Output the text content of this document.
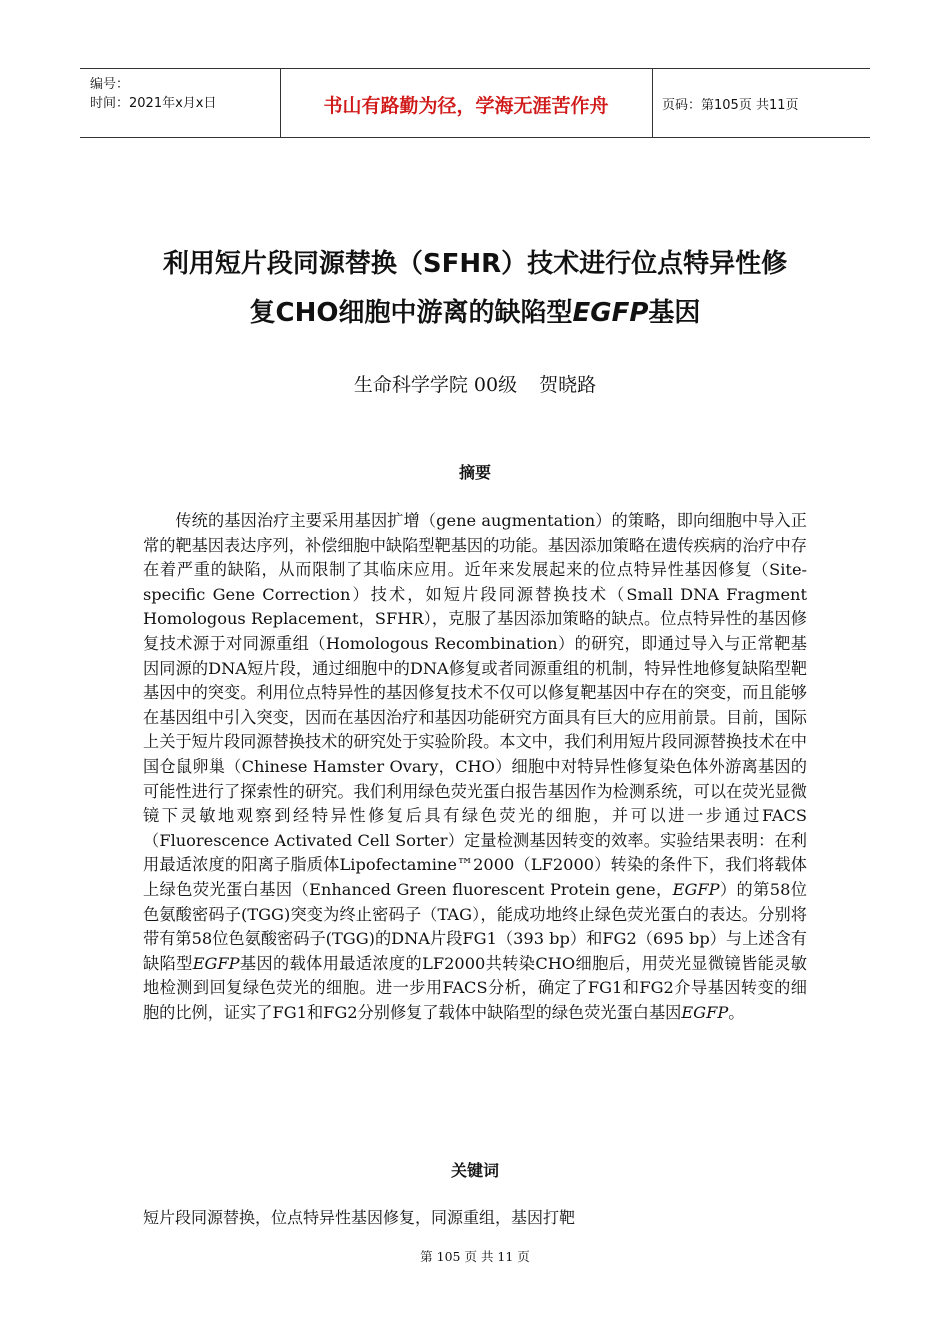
编号：
时间：2021年x月x日	书山有路勤为径，学海无涯苦作舟	页码：第105页 共11页
利用短片段同源替换（SFHR）技术进行位点特异性修
复CHO细胞中游离的缺陷型EGFP基因
生命科学学院 00级 贺晓路
摘要

传统的基因治疗主要采用基因扩增（gene augmentation）的策略，即向细胞中导入正常的靶基因表达序列，补偿细胞中缺陷型靶基因的功能。基因添加策略在遗传疾病的治疗中存在着严重的缺陷，从而限制了其临床应用。近年来发展起来的位点特异性基因修复（Site-specific Gene Correction）技术，如短片段同源替换技术（Small DNA Fragment Homologous Replacement，SFHR），克服了基因添加策略的缺点。位点特异性的基因修复技术源于对同源重组（Homologous Recombination）的研究，即通过导入与正常靶基因同源的DNA短片段，通过细胞中的DNA修复或者同源重组的机制，特异性地修复缺陷型靶基因中的突变。利用位点特异性的基因修复技术不仅可以修复靶基因中存在的突变，而且能够在基因组中引入突变，因而在基因治疗和基因功能研究方面具有巨大的应用前景。目前，国际上关于短片段同源替换技术的研究处于实验阶段。本文中，我们利用短片段同源替换技术在中国仓鼠卵巢（Chinese Hamster Ovary，CHO）细胞中对特异性修复染色体外游离基因的可能性进行了探索性的研究。我们利用绿色荧光蛋白报告基因作为检测系统，可以在荧光显微镜下灵敏地观察到经特异性修复后具有绿色荧光的细胞，并可以进一步通过FACS（Fluorescence Activated Cell Sorter）定量检测基因转变的效率。实验结果表明：在利用最适浓度的阳离子脂质体Lipofectamine™2000（LF2000）转染的条件下，我们将载体上绿色荧光蛋白基因（Enhanced Green fluorescent Protein gene，EGFP）的第58位色氨酸密码子(TGG)突变为终止密码子（TAG），能成功地终止绿色荧光蛋白的表达。分别将带有第58位色氨酸密码子(TGG)的DNA片段FG1（393 bp）和FG2（695 bp）与上述含有缺陷型EGFP基因的载体用最适浓度的LF2000共转染CHO细胞后，用荧光显微镜皆能灵敏地检测到回复绿色荧光的细胞。进一步用FACS分析，确定了FG1和FG2介导基因转变的细胞的比例，证实了FG1和FG2分别修复了载体中缺陷型的绿色荧光蛋白基因EGFP。

关键词
短片段同源替换，位点特异性基因修复，同源重组，基因打靶
第 105 页 共 11 页
